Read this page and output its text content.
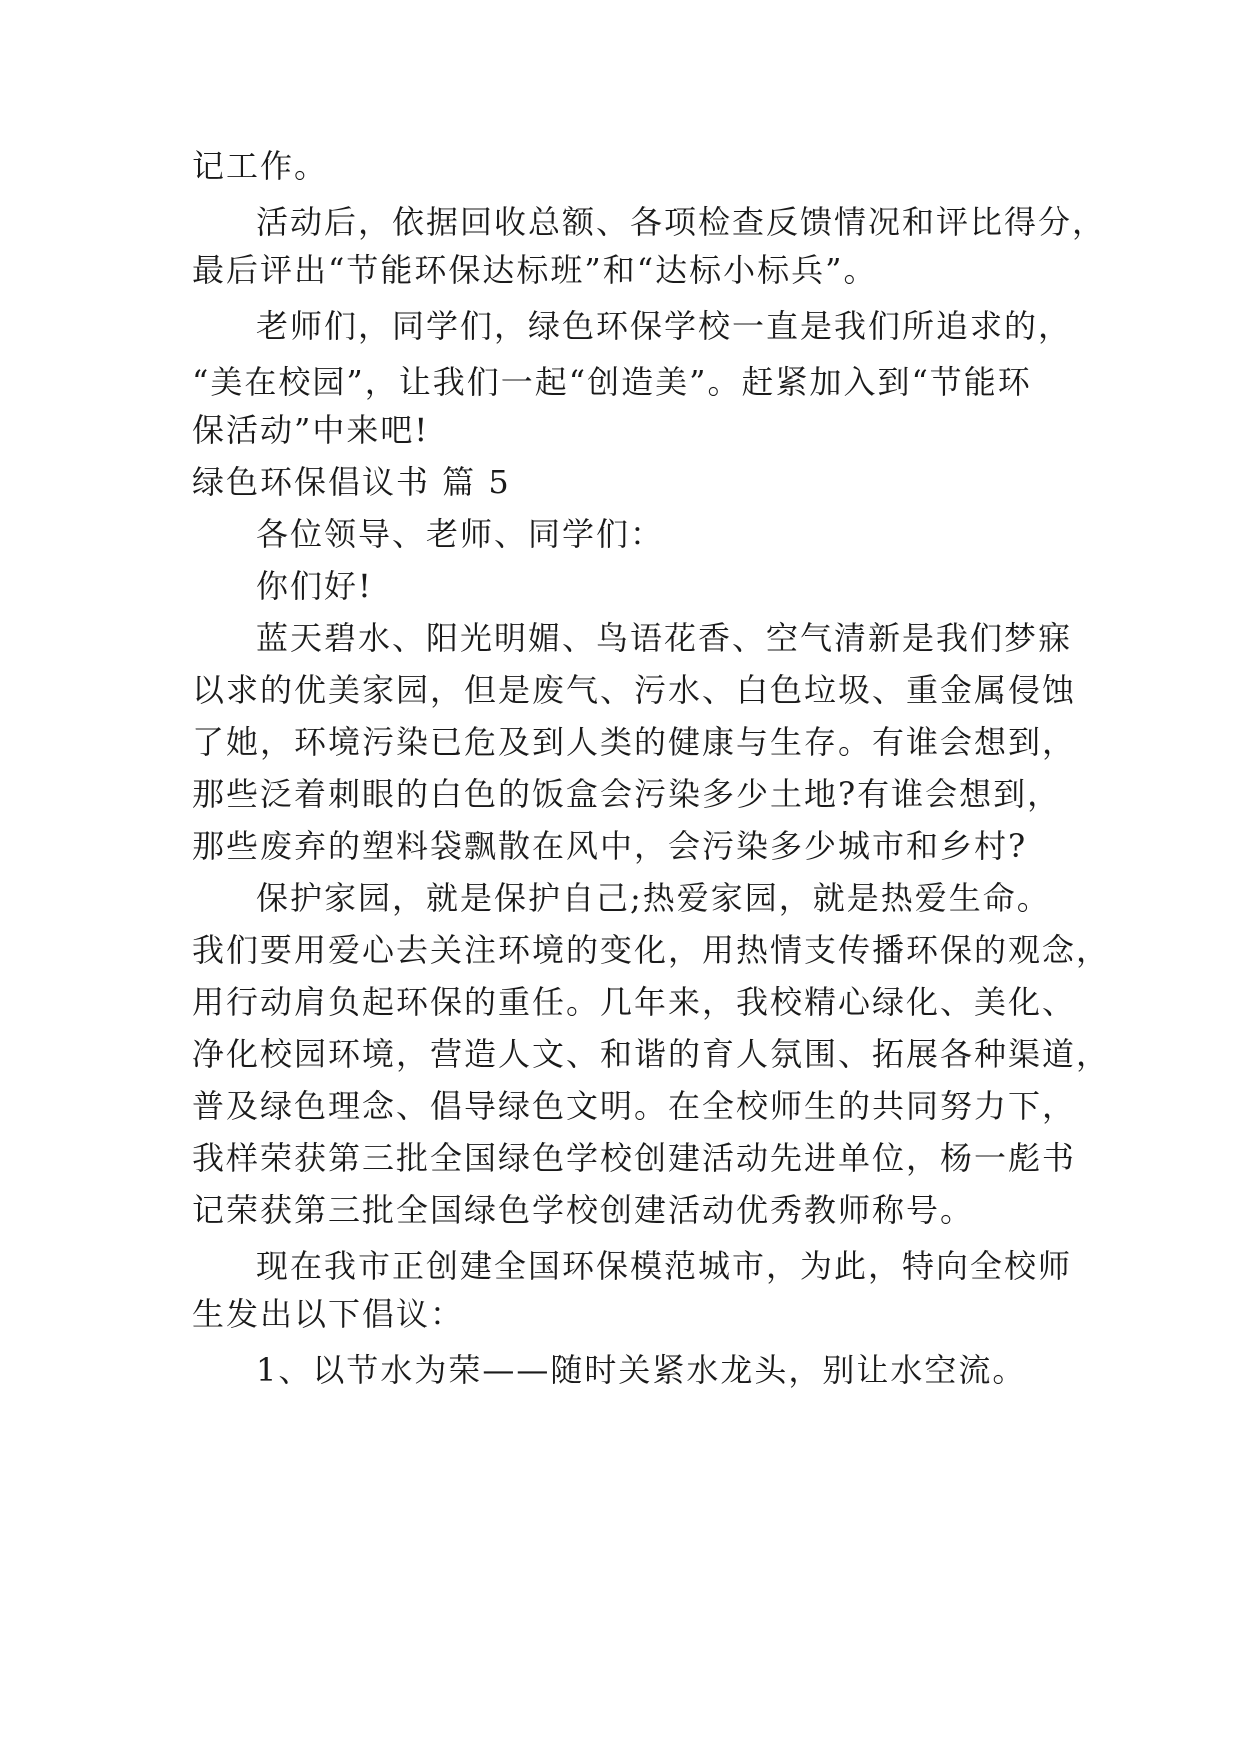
记工作。
活动后，依据回收总额、各项检查反馈情况和评比得分，
最后评出“节能环保达标班”和“达标小标兵”。
老师们，同学们，绿色环保学校一直是我们所追求的，
“美在校园”，让我们一起“创造美”。赶紧加入到“节能环
保活动”中来吧!
绿色环保倡议书 篇 5
各位领导、老师、同学们：
你们好!
蓝天碧水、阳光明媚、鸟语花香、空气清新是我们梦寐
以求的优美家园，但是废气、污水、白色垃圾、重金属侵蚀
了她，环境污染已危及到人类的健康与生存。有谁会想到，
那些泛着刺眼的白色的饭盒会污染多少土地?有谁会想到，
那些废弃的塑料袋飘散在风中，会污染多少城市和乡村?
保护家园，就是保护自己;热爱家园，就是热爱生命。
我们要用爱心去关注环境的变化，用热情支传播环保的观念，
用行动肩负起环保的重任。几年来，我校精心绿化、美化、
净化校园环境，营造人文、和谐的育人氛围、拓展各种渠道，
普及绿色理念、倡导绿色文明。在全校师生的共同努力下，
我样荣获第三批全国绿色学校创建活动先进单位，杨一彪书
记荣获第三批全国绿色学校创建活动优秀教师称号。
现在我市正创建全国环保模范城市，为此，特向全校师
生发出以下倡议：
1、以节水为荣——随时关紧水龙头，别让水空流。
